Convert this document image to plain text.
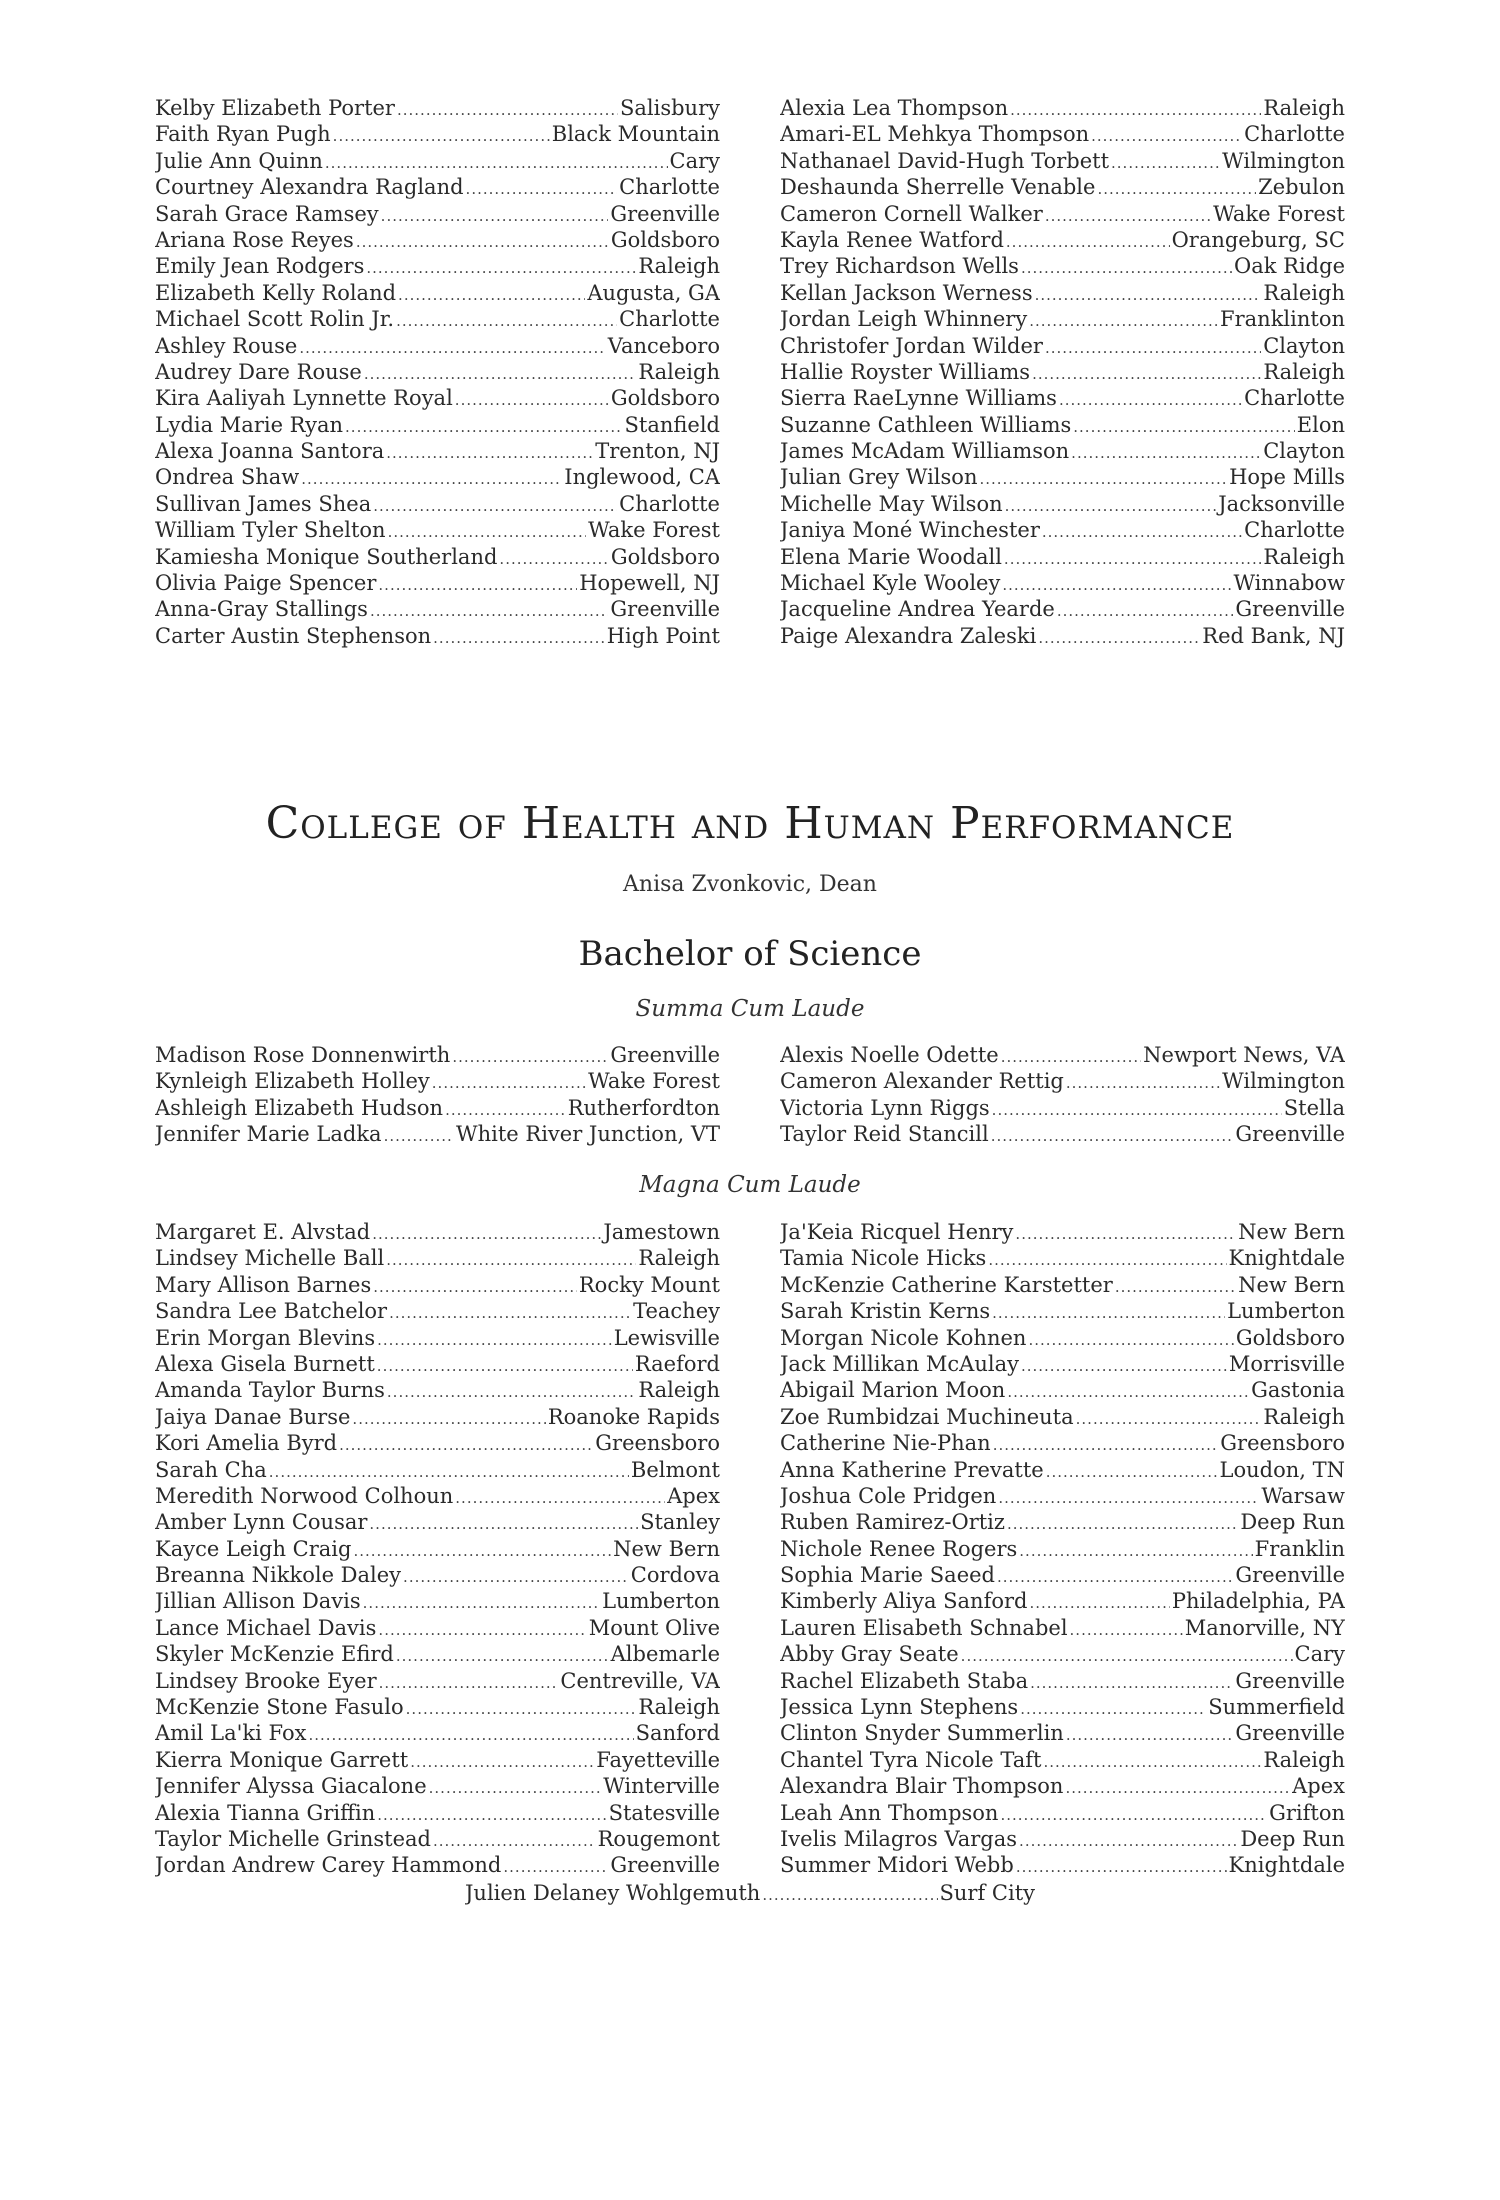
Kelby Elizabeth Porter .....	Salisbury
Faith Ryan Pugh .....	Black Mountain
Julie Ann Quinn .....	Cary
Courtney Alexandra Ragland .....	Charlotte
Sarah Grace Ramsey .....	Greenville
Ariana Rose Reyes .....	Goldsboro
Emily Jean Rodgers .....	Raleigh
Elizabeth Kelly Roland .....	Augusta, GA
Michael Scott Rolin Jr. .....	Charlotte
Ashley Rouse .....	Vanceboro
Audrey Dare Rouse .....	Raleigh
Kira Aaliyah Lynnette Royal .....	Goldsboro
Lydia Marie Ryan .....	Stanfield
Alexa Joanna Santora .....	Trenton, NJ
Ondrea Shaw .....	Inglewood, CA
Sullivan James Shea .....	Charlotte
William Tyler Shelton .....	Wake Forest
Kamiesha Monique Southerland .....	Goldsboro
Olivia Paige Spencer .....	Hopewell, NJ
Anna-Gray Stallings .....	Greenville
Carter Austin Stephenson .....	High Point
Alexia Lea Thompson .....	Raleigh
Amari-EL Mehkya Thompson .....	Charlotte
Nathanael David-Hugh Torbett .....	Wilmington
Deshaunda Sherrelle Venable .....	Zebulon
Cameron Cornell Walker .....	Wake Forest
Kayla Renee Watford .....	Orangeburg, SC
Trey Richardson Wells .....	Oak Ridge
Kellan Jackson Werness .....	Raleigh
Jordan Leigh Whinnery .....	Franklinton
Christofer Jordan Wilder .....	Clayton
Hallie Royster Williams .....	Raleigh
Sierra RaeLynne Williams .....	Charlotte
Suzanne Cathleen Williams .....	Elon
James McAdam Williamson .....	Clayton
Julian Grey Wilson .....	Hope Mills
Michelle May Wilson .....	Jacksonville
Janiya Moné Winchester .....	Charlotte
Elena Marie Woodall .....	Raleigh
Michael Kyle Wooley .....	Winnabow
Jacqueline Andrea Yearde .....	Greenville
Paige Alexandra Zaleski .....	Red Bank, NJ
College of Health and Human Performance
Anisa Zvonkovic, Dean
Bachelor of Science
Summa Cum Laude
Madison Rose Donnenwirth .....	Greenville
Kynleigh Elizabeth Holley .....	Wake Forest
Ashleigh Elizabeth Hudson .....	Rutherfordton
Jennifer Marie Ladka .....	White River Junction, VT
Alexis Noelle Odette .....	Newport News, VA
Cameron Alexander Rettig .....	Wilmington
Victoria Lynn Riggs .....	Stella
Taylor Reid Stancill .....	Greenville
Magna Cum Laude
Margaret E. Alvstad .....	Jamestown
Lindsey Michelle Ball .....	Raleigh
Mary Allison Barnes .....	Rocky Mount
Sandra Lee Batchelor .....	Teachey
Erin Morgan Blevins .....	Lewisville
Alexa Gisela Burnett .....	Raeford
Amanda Taylor Burns .....	Raleigh
Jaiya Danae Burse .....	Roanoke Rapids
Kori Amelia Byrd .....	Greensboro
Sarah Cha .....	Belmont
Meredith Norwood Colhoun .....	Apex
Amber Lynn Cousar .....	Stanley
Kayce Leigh Craig .....	New Bern
Breanna Nikkole Daley .....	Cordova
Jillian Allison Davis .....	Lumberton
Lance Michael Davis .....	Mount Olive
Skyler McKenzie Efird .....	Albemarle
Lindsey Brooke Eyer .....	Centreville, VA
McKenzie Stone Fasulo .....	Raleigh
Amil La'ki Fox .....	Sanford
Kierra Monique Garrett .....	Fayetteville
Jennifer Alyssa Giacalone .....	Winterville
Alexia Tianna Griffin .....	Statesville
Taylor Michelle Grinstead .....	Rougemont
Jordan Andrew Carey Hammond .....	Greenville
Ja'Keia Ricquel Henry .....	New Bern
Tamia Nicole Hicks .....	Knightdale
McKenzie Catherine Karstetter .....	New Bern
Sarah Kristin Kerns .....	Lumberton
Morgan Nicole Kohnen .....	Goldsboro
Jack Millikan McAulay .....	Morrisville
Abigail Marion Moon .....	Gastonia
Zoe Rumbidzai Muchineuta .....	Raleigh
Catherine Nie-Phan .....	Greensboro
Anna Katherine Prevatte .....	Loudon, TN
Joshua Cole Pridgen .....	Warsaw
Ruben Ramirez-Ortiz .....	Deep Run
Nichole Renee Rogers .....	Franklin
Sophia Marie Saeed .....	Greenville
Kimberly Aliya Sanford .....	Philadelphia, PA
Lauren Elisabeth Schnabel .....	Manorville, NY
Abby Gray Seate .....	Cary
Rachel Elizabeth Staba .....	Greenville
Jessica Lynn Stephens .....	Summerfield
Clinton Snyder Summerlin .....	Greenville
Chantel Tyra Nicole Taft .....	Raleigh
Alexandra Blair Thompson .....	Apex
Leah Ann Thompson .....	Grifton
Ivelis Milagros Vargas .....	Deep Run
Summer Midori Webb .....	Knightdale
Julien Delaney Wohlgemuth .....	Surf City
